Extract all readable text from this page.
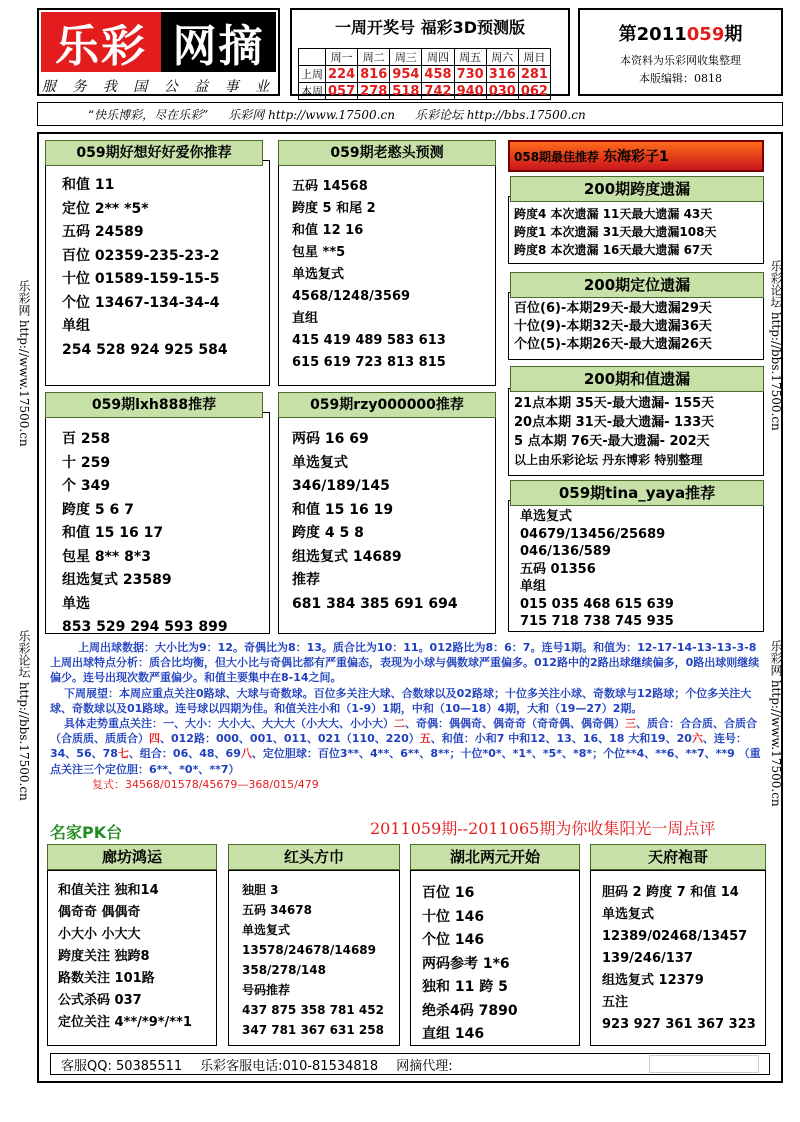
乐彩 网摘
服 务 我 国 公 益 事 业
一周开奖号 福彩3D预测版
	周一	周二	周三	周四	周五	周六	周日
上周	224	816	954	458	730	316	281
本周	057	278	518	742	940	030	062
第2011059期
本资料为乐彩网收集整理
本版编辑：0818
“快乐博彩，尽在乐彩” 乐彩网 http://www.17500.cn 乐彩论坛 http://bbs.17500.cn
乐彩网 http://www.17500.cn
乐彩论坛 http://bbs.17500.cn
乐彩论坛 http://bbs.17500.cn
乐彩网 http://www.17500.cn
059期好想好好爱你推荐
和值 11
定位 2** *5*
五码 24589
百位 02359-235-23-2
十位 01589-159-15-5
个位 13467-134-34-4
单组
254 528 924 925 584
059期老憨头预测
五码 14568
跨度 5 和尾 2
和值 12 16
包星 **5
单选复式
4568/1248/3569
直组
415 419 489 583 613
615 619 723 813 815
059期lxh888推荐
百 258
十 259
个 349
跨度 5 6 7
和值 15 16 17
包星 8** 8*3
组选复式 23589
单选
853 529 294 593 899
059期rzy000000推荐
两码 16 69
单选复式
346/189/145
和值 15 16 19
跨度 4 5 8
组选复式 14689
推荐
681 384 385 691 694
058期最佳推荐 东海彩子1
200期跨度遗漏
跨度4 本次遗漏 11天最大遗漏 43天
跨度1 本次遗漏 31天最大遗漏108天
跨度8 本次遗漏 16天最大遗漏 67天
200期定位遗漏
百位(6)-本期29天-最大遗漏29天
十位(9)-本期32天-最大遗漏36天
个位(5)-本期26天-最大遗漏26天
200期和值遗漏
21点本期 35天-最大遗漏- 155天
20点本期 31天-最大遗漏- 133天
5 点本期 76天-最大遗漏- 202天
以上由乐彩论坛 丹东博彩 特别整理
059期tina_yaya推荐
单选复式
04679/13456/25689
046/136/589
五码 01356
单组
015 035 468 615 639
715 718 738 745 935
上周出球数据：大小比为9：12。奇偶比为8：13。质合比为10：11。012路比为8：6：7。连号1期。和值为：12-17-14-13-13-3-8 上周出球特点分析：质合比均衡，但大小比与奇偶比都有严重偏态，表现为小球与偶数球严重偏多。012路中的2路出球继续偏多，0路出球则继续偏少。连号出现次数严重偏少。和值主要集中在8-14之间。
下周展望：本周应重点关注0路球、大球与奇数球。百位多关注大球、合数球以及02路球；十位多关注小球、奇数球与12路球；个位多关注大球、奇数球以及01路球。连号球以四期为佳。和值关注小和（1-9）1期，中和（10—18）4期，大和（19—27）2期。
具体走势重点关注：一、大小：大小大、大大大（小大大、小小大）二、奇偶：偶偶奇、偶奇奇（奇奇偶、偶奇偶）三、质合：合合质、合质合（合质质、质质合）四、012路：000、001、011、021（110、220）五、和值：小和7 中和12、13、16、18 大和19、20六、连号：34、56、78七、组合：06、48、69八、定位胆球：百位3**、4**、6**、8**；十位*0*、*1*、*5*、*8*；个位**4、**6、**7、**9 （重点关注三个定位胆：6**、*0*、**7）
复式：34568/01578/45679—368/015/479
名家PK台	2011059期--2011065期为你收集阳光一周点评
廊坊鸿运
和值关注 独和14
偶奇奇 偶偶奇
小大小 小大大
跨度关注 独跨8
路数关注 101路
公式杀码 037
定位关注 4**/*9*/**1
红头方巾
独胆 3
五码 34678
单选复式
13578/24678/14689
358/278/148
号码推荐
437 875 358 781 452
347 781 367 631 258
湖北两元开始
百位 16
十位 146
个位 146
两码参考 1*6
独和 11 跨 5
绝杀4码 7890
直组 146
天府袍哥
胆码 2 跨度 7 和值 14
单选复式
12389/02468/13457
139/246/137
组选复式 12379
五注
923 927 361 367 323
客服QQ: 50385511 乐彩客服电话:010-81534818 网摘代理:
